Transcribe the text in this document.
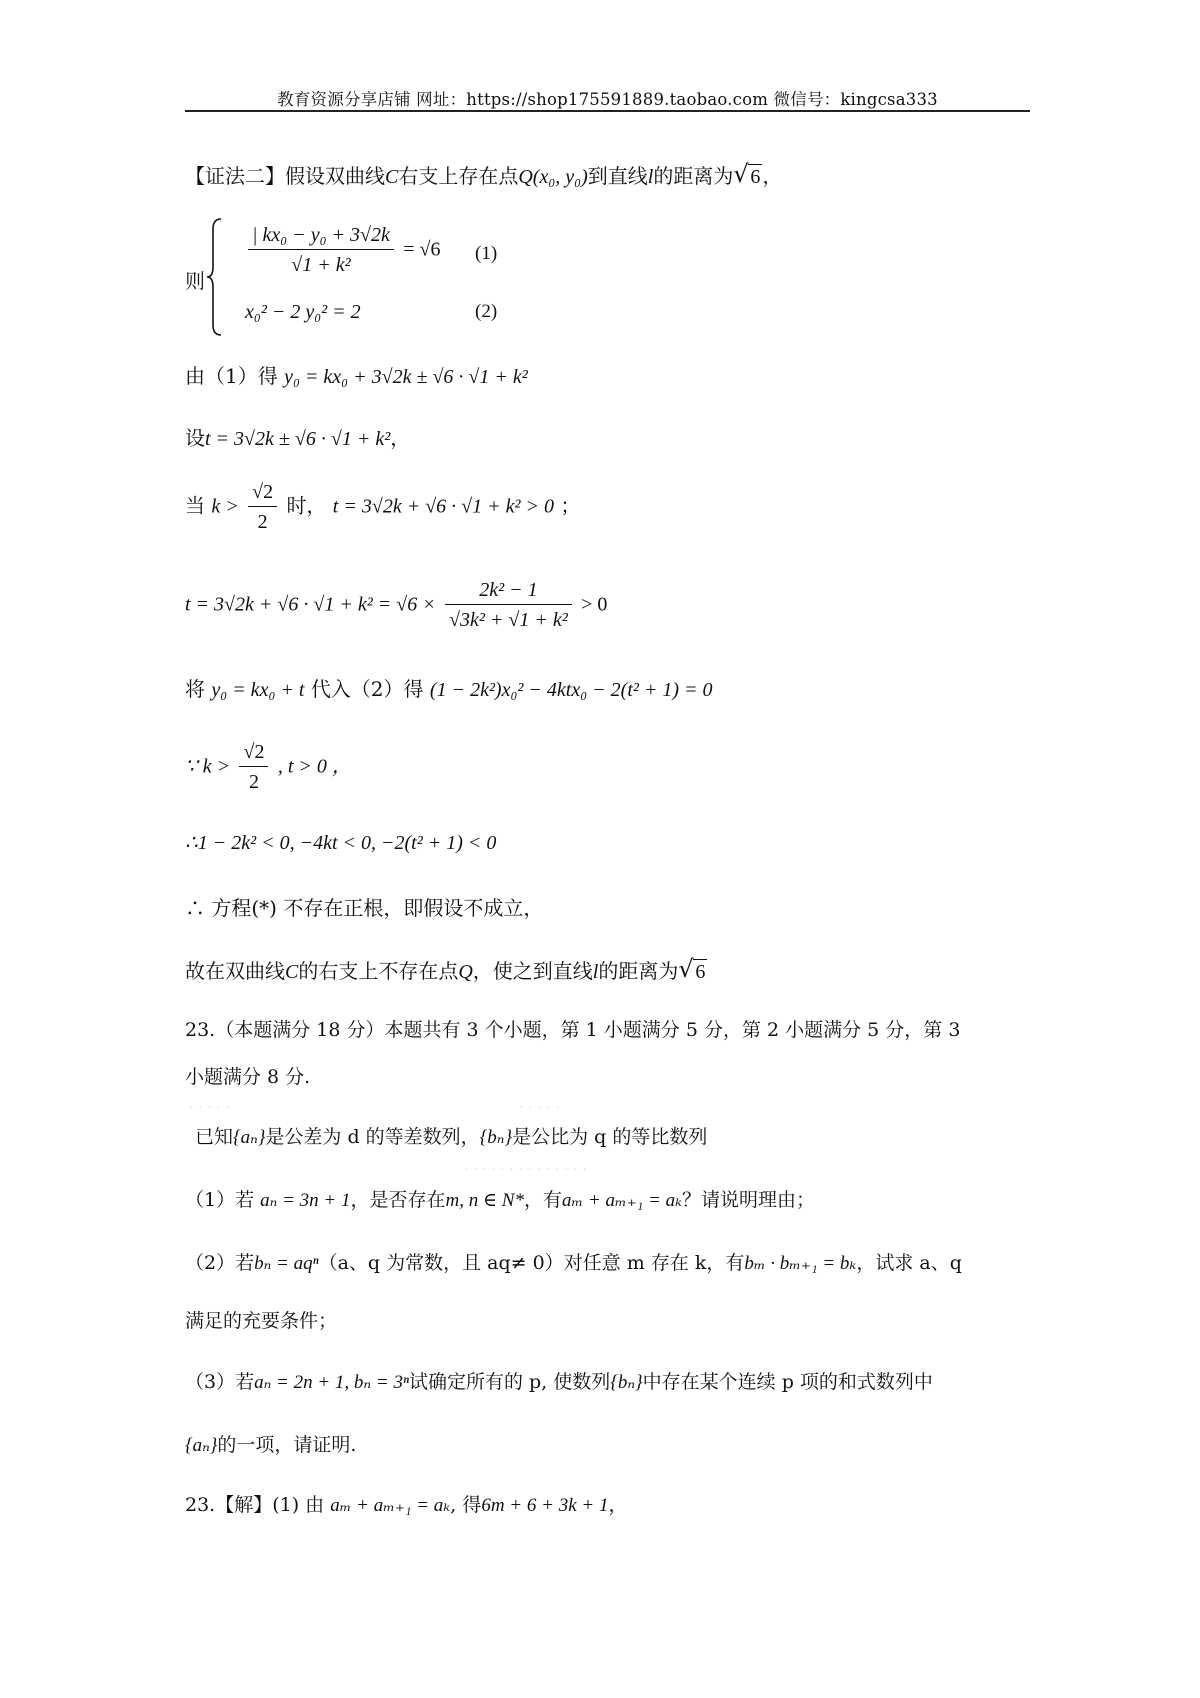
教育资源分享店铺 网址：https://shop175591889.taobao.com 微信号：kingcsa333
【证法二】假设双曲线C右支上存在点Q(x₀, y₀)到直线l的距离为 √ 6 ，
则
$\frac{\text{| kx₀ − y₀ + 3√2k}}{\text{√1 + k²}} = √6$ (1)
x₀² − 2 y₀² = 2	(2)
由（1）得 y₀ = kx₀ + 3√2k ± √6 · √1 + k²
设t = 3√2k ± √6 · √1 + k²，
当 $k > \frac{√2}{2}$ 时， t = 3√2k + √6 · √1 + k² > 0 ；
$t = 3√2k + √6 \cdot √1 + k^2 = √6 \times \frac{\text{2k² − 1}}{\text{√3k² + √1 + k²}} > 0$
将 y₀ = kx₀ + t 代入（2）得 (1 − 2k²)x₀² − 4ktx₀ − 2(t² + 1) = 0
∵ $k > \frac{√2}{2}$ , t > 0 ，
∴1 − 2k² < 0, −4kt < 0, −2(t² + 1) < 0
∴ 方程(*) 不存在正根，即假设不成立，
故在双曲线C的右支上不存在点Q，使之到直线l的距离为 √ 6
23.（本题满分 18 分）本题共有 3 个小题，第 1 小题满分 5 分，第 2 小题满分 5 分，第 3
小题满分 8 分.
已知{aₙ}是公差为 d 的等差数列，{bₙ}是公比为 q 的等比数列
（1）若 aₙ = 3n + 1，是否存在m, n ∈ N*，有aₘ + aₘ₊₁ = aₖ？请说明理由；
（2）若bₙ = aqⁿ（a、q 为常数，且 aq≠ 0）对任意 m 存在 k，有bₘ · bₘ₊₁ = bₖ，试求 a、q
满足的充要条件；
（3）若aₙ = 2n + 1, bₙ = 3ⁿ试确定所有的 p, 使数列{bₙ}中存在某个连续 p 项的和式数列中
{aₙ}的一项，请证明.
23.【解】(1) 由 aₘ + aₘ₊₁ = aₖ, 得6m + 6 + 3k + 1，
· · · · ·	· · · · ·
· · · · · · · · · · · · · ·
